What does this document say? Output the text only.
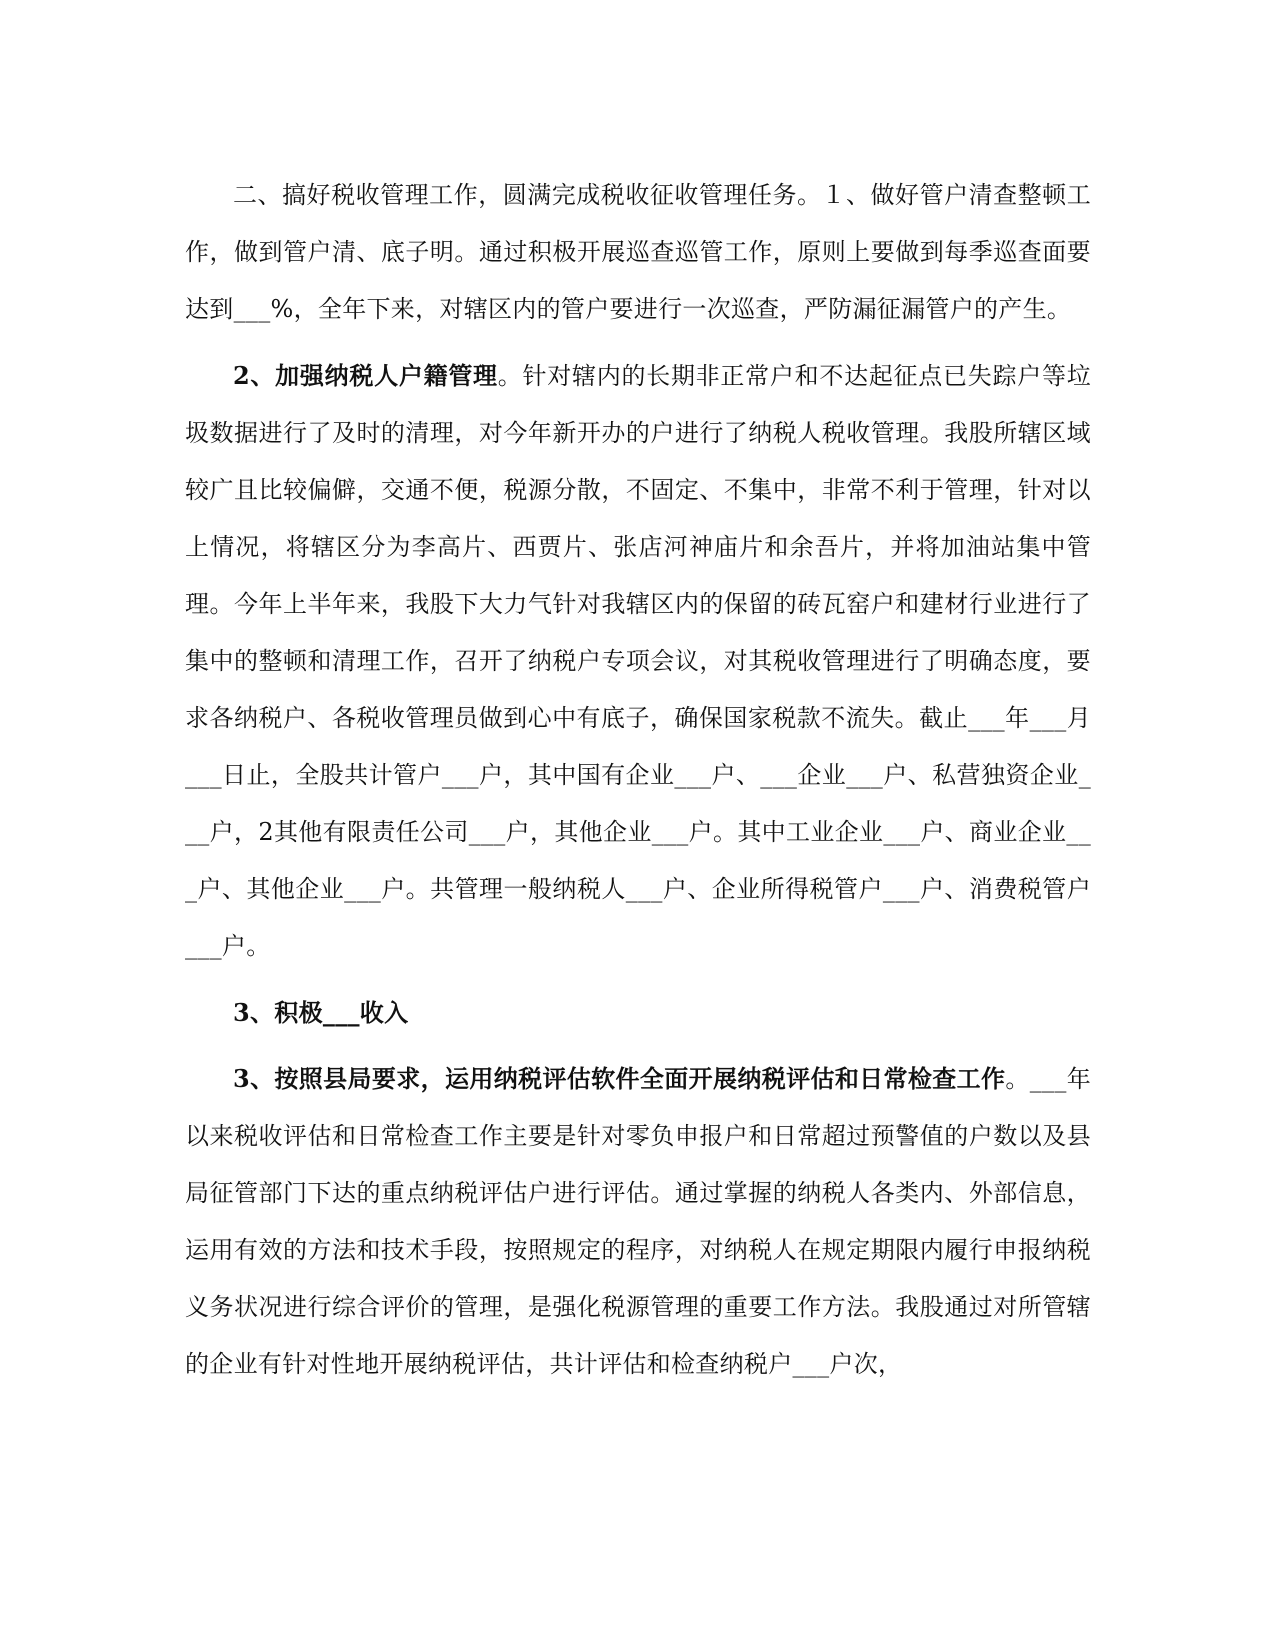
二、搞好税收管理工作，圆满完成税收征收管理任务。１、做好管户清查整顿工作，做到管户清、底子明。通过积极开展巡查巡管工作，原则上要做到每季巡查面要达到___%，全年下来，对辖区内的管户要进行一次巡查，严防漏征漏管户的产生。

2、加强纳税人户籍管理。针对辖内的长期非正常户和不达起征点已失踪户等垃圾数据进行了及时的清理，对今年新开办的户进行了纳税人税收管理。我股所辖区域较广且比较偏僻，交通不便，税源分散，不固定、不集中，非常不利于管理，针对以上情况，将辖区分为李高片、西贾片、张店河神庙片和余吾片，并将加油站集中管理。今年上半年来，我股下大力气针对我辖区内的保留的砖瓦窑户和建材行业进行了集中的整顿和清理工作，召开了纳税户专项会议，对其税收管理进行了明确态度，要求各纳税户、各税收管理员做到心中有底子，确保国家税款不流失。截止___年___月___日止，全股共计管户___户，其中国有企业___户、___企业___户、私营独资企业___户，2其他有限责任公司___户，其他企业___户。其中工业企业___户、商业企业___户、其他企业___户。共管理一般纳税人___户、企业所得税管户___户、消费税管户___户。

3、积极___收入

3、按照县局要求，运用纳税评估软件全面开展纳税评估和日常检查工作。___年以来税收评估和日常检查工作主要是针对零负申报户和日常超过预警值的户数以及县局征管部门下达的重点纳税评估户进行评估。通过掌握的纳税人各类内、外部信息，运用有效的方法和技术手段，按照规定的程序，对纳税人在规定期限内履行申报纳税义务状况进行综合评价的管理，是强化税源管理的重要工作方法。我股通过对所管辖的企业有针对性地开展纳税评估，共计评估和检查纳税户___户次，
